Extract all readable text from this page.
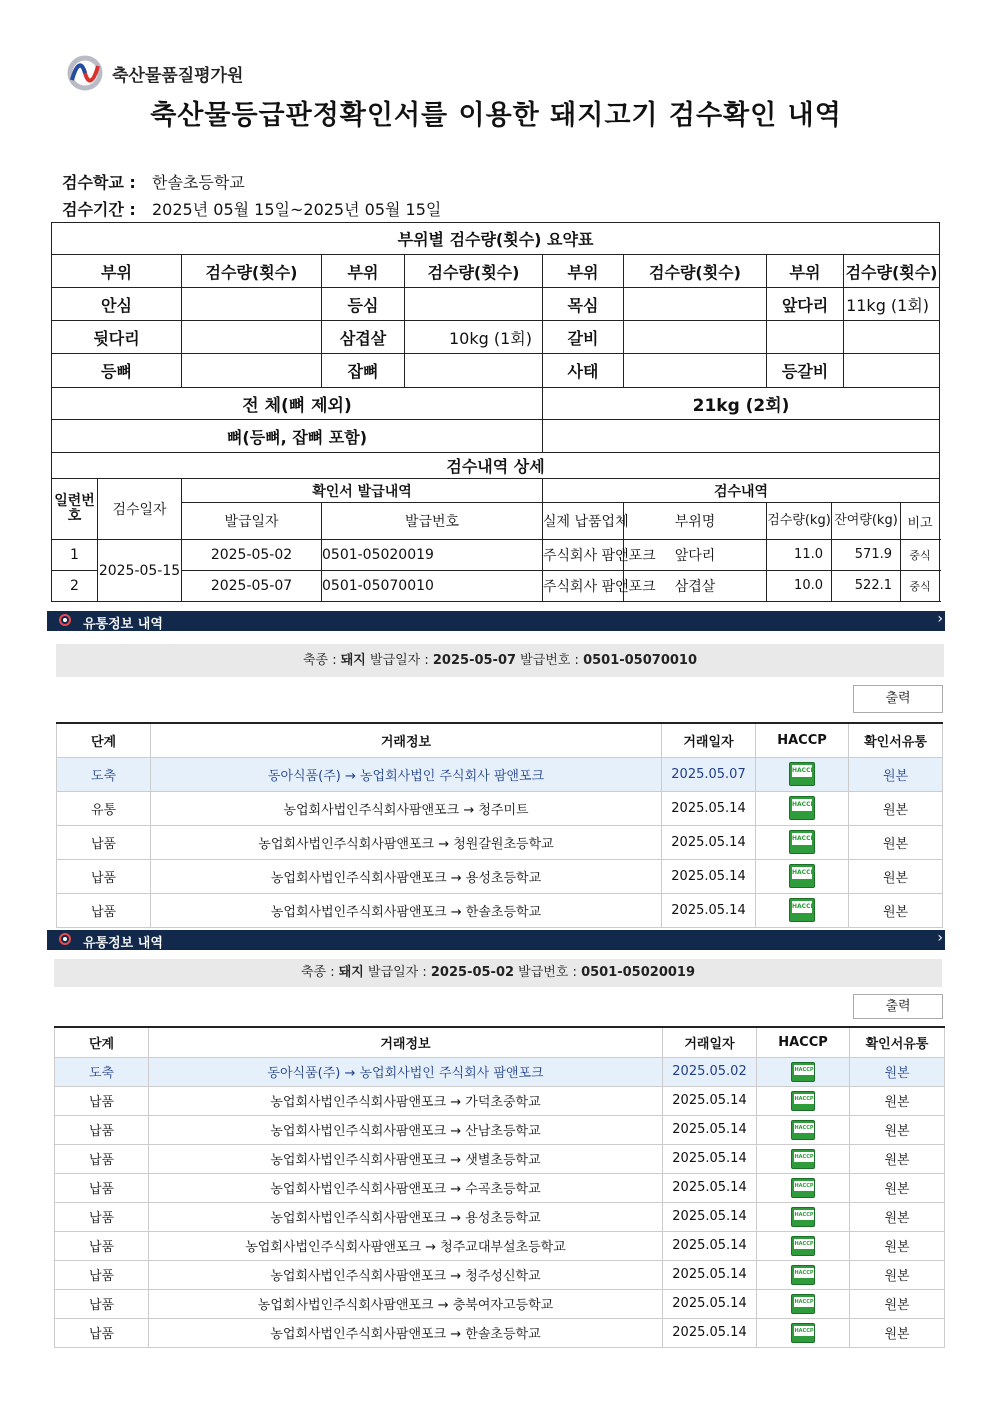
축산물품질평가원
축산물등급판정확인서를 이용한 돼지고기 검수확인 내역
검수학교 : 한솔초등학교
검수기간 : 2025년 05월 15일~2025년 05월 15일
부위별 검수량(횟수) 요약표								
부위		검수량(횟수)	부위	검수량(횟수)	부위	검수량(횟수)	부위	검수량(횟수)
안심			등심		목심		앞다리	11kg (1회)
뒷다리			삼겹살	10kg (1회)	갈비			
등뼈			잡뼈		사태		등갈비	
전 체(뼈 제외)					21kg (2회)			
뼈(등뼈, 잡뼈 포함)								
검수내역 상세								
일련번호	검수일자	확인서 발급내역			검수내역			
		발급일자	발급번호		실제 납품업체	부위명	검수량(kg) 잔여량(kg) 비고	

1	2025-05-15	2025-05-02	0501-05020019		주식회사 팜앤포크	앞다리	11.0 571.9 중식	

2		2025-05-07	0501-05070010		주식회사 팜앤포크	삼겹살	10.0 522.1 중식	
유통정보 내역	›
축종 : 돼지 발급일자 : 2025-05-07 발급번호 : 0501-05070010
출력
단계	거래정보	거래일자	HACCP	확인서유통
도축	동아식품(주) → 농업회사법인 주식회사 팜앤포크	2025.05.07	HACCP	원본
유통	농업회사법인주식회사팜앤포크 → 청주미트	2025.05.14	HACCP	원본
납품	농업회사법인주식회사팜앤포크 → 청원갈원초등학교	2025.05.14	HACCP	원본
납품	농업회사법인주식회사팜앤포크 → 용성초등학교	2025.05.14	HACCP	원본
납품	농업회사법인주식회사팜앤포크 → 한솔초등학교	2025.05.14	HACCP	원본
유통정보 내역	›
축종 : 돼지 발급일자 : 2025-05-02 발급번호 : 0501-05020019
출력
단계	거래정보	거래일자	HACCP	확인서유통
도축	동아식품(주) → 농업회사법인 주식회사 팜앤포크	2025.05.02	HACCP	원본
납품	농업회사법인주식회사팜앤포크 → 가덕초중학교	2025.05.14	HACCP	원본
납품	농업회사법인주식회사팜앤포크 → 산남초등학교	2025.05.14	HACCP	원본
납품	농업회사법인주식회사팜앤포크 → 샛별초등학교	2025.05.14	HACCP	원본
납품	농업회사법인주식회사팜앤포크 → 수곡초등학교	2025.05.14	HACCP	원본
납품	농업회사법인주식회사팜앤포크 → 용성초등학교	2025.05.14	HACCP	원본
납품	농업회사법인주식회사팜앤포크 → 청주교대부설초등학교	2025.05.14	HACCP	원본
납품	농업회사법인주식회사팜앤포크 → 청주성신학교	2025.05.14	HACCP	원본
납품	농업회사법인주식회사팜앤포크 → 충북여자고등학교	2025.05.14	HACCP	원본
납품	농업회사법인주식회사팜앤포크 → 한솔초등학교	2025.05.14	HACCP	원본
